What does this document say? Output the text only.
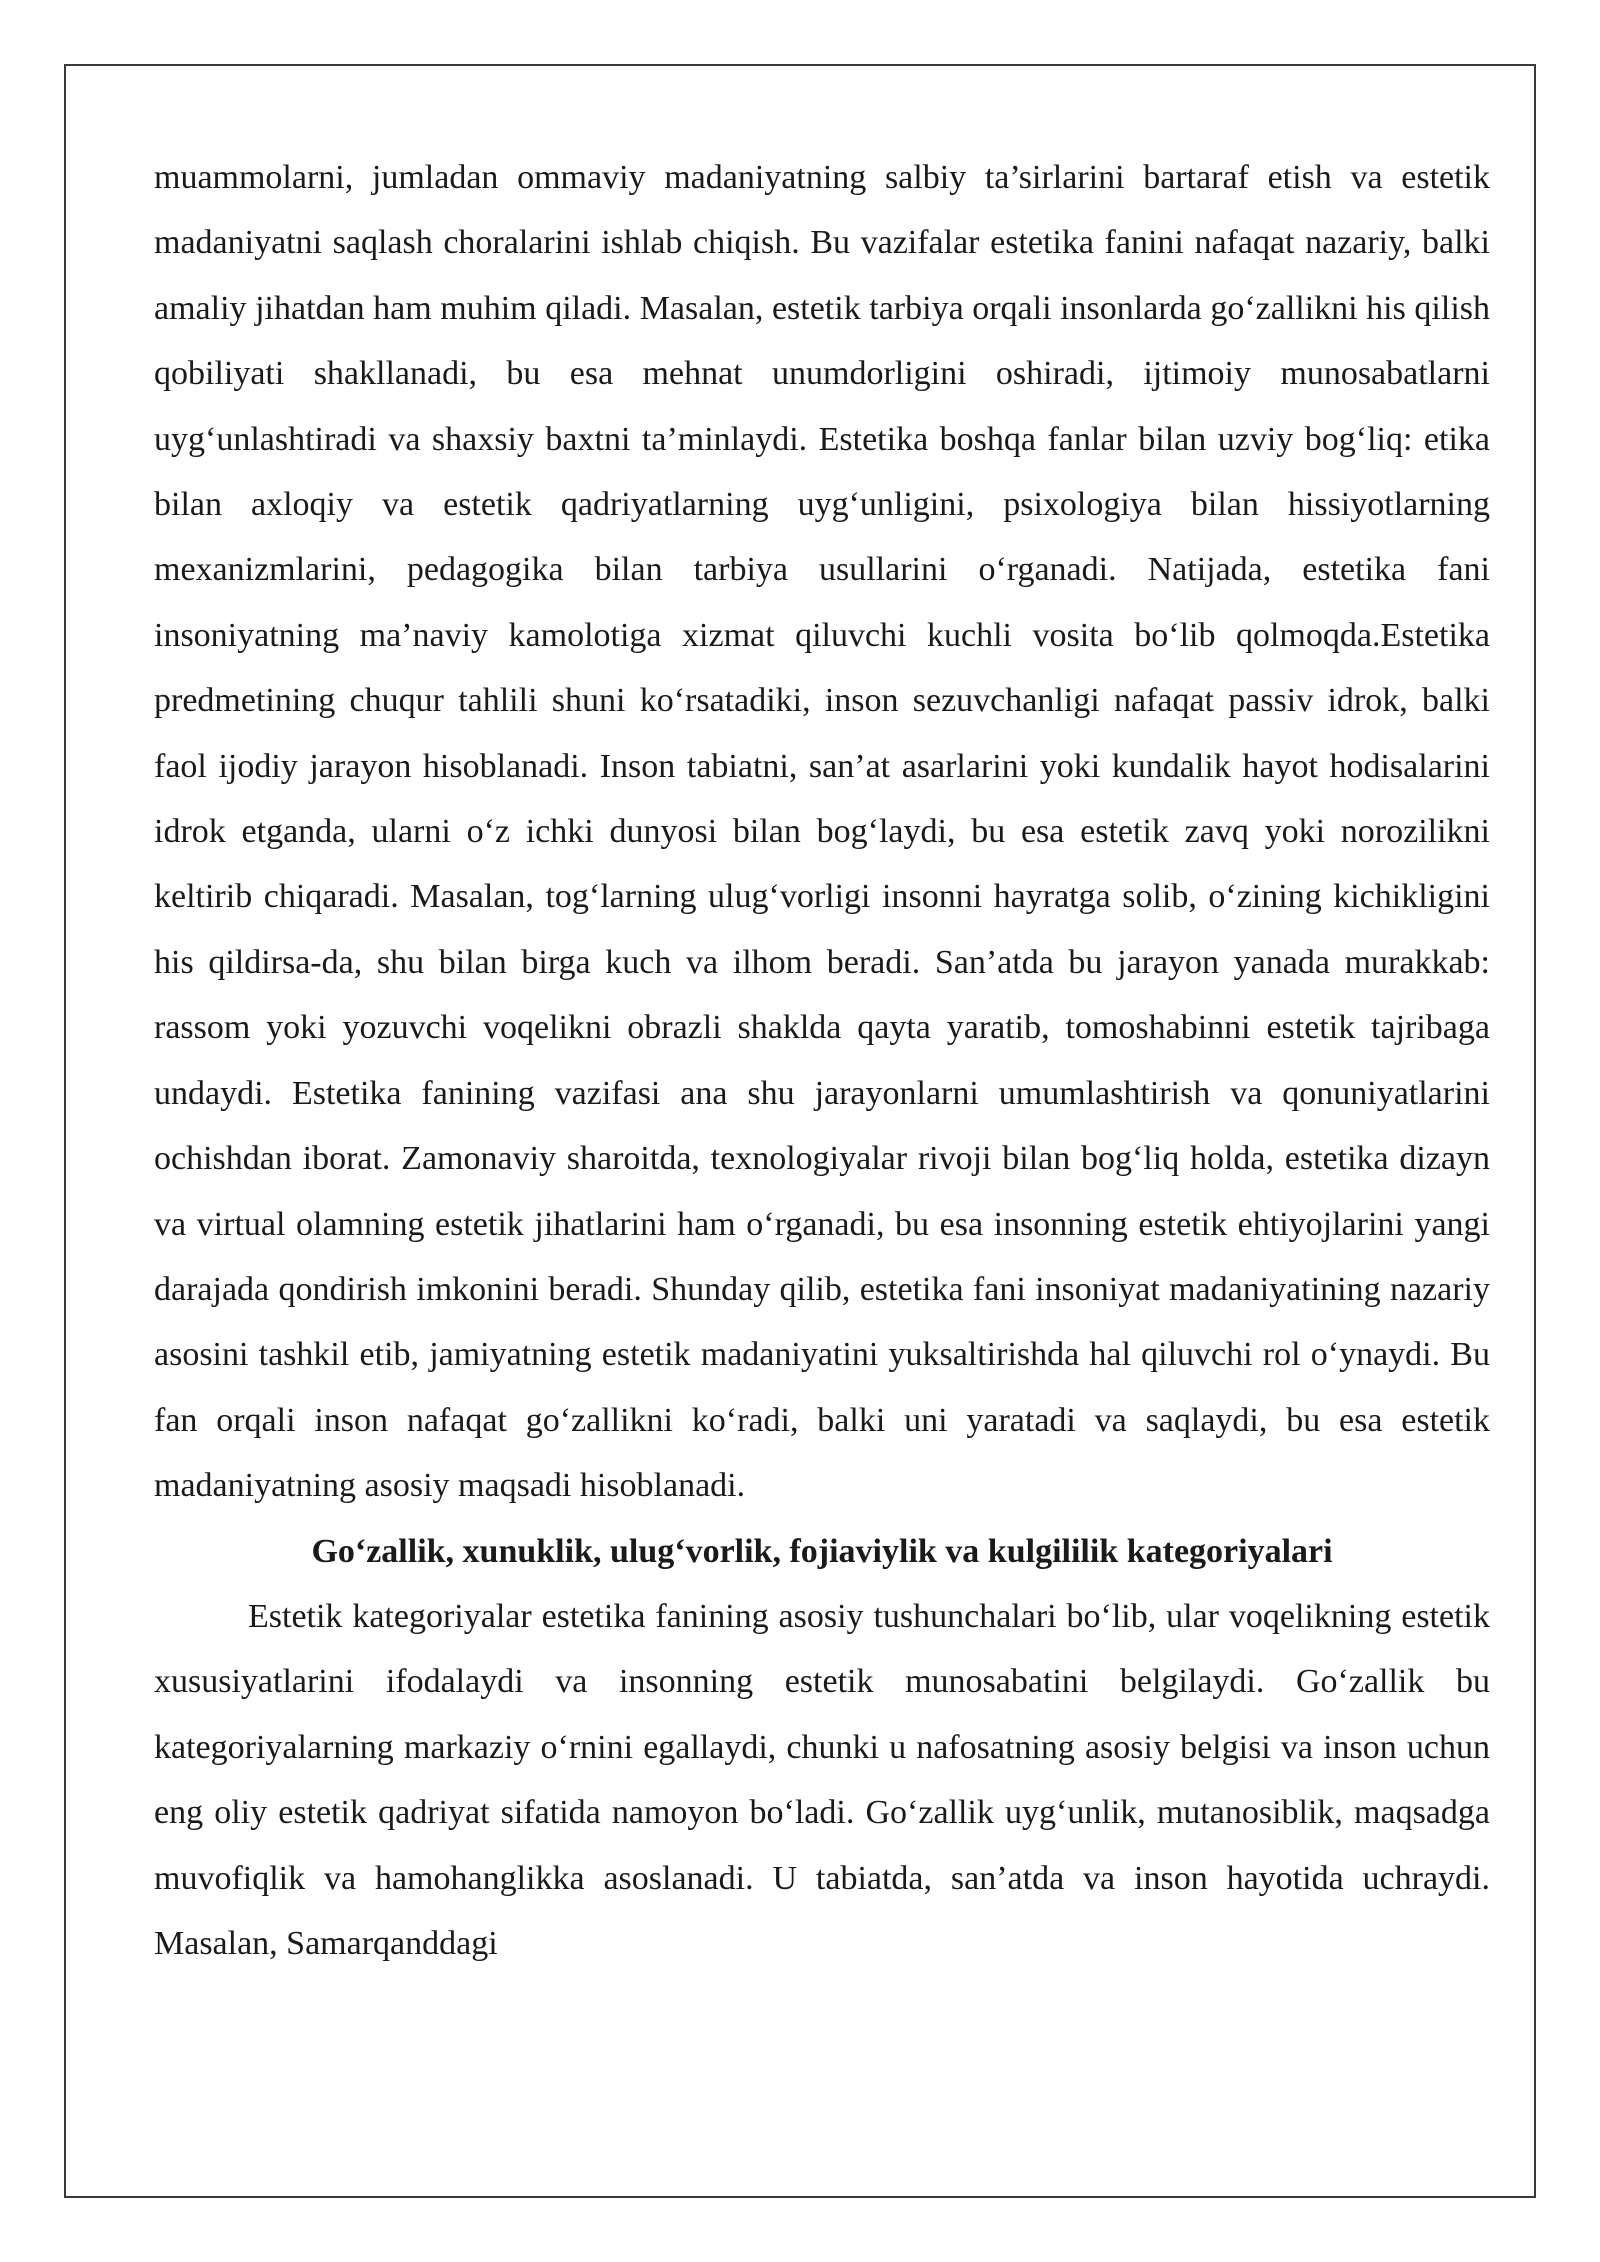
muammolarni, jumladan ommaviy madaniyatning salbiy ta’sirlarini bartaraf etish va estetik madaniyatni saqlash choralarini ishlab chiqish. Bu vazifalar estetika fanini nafaqat nazariy, balki amaliy jihatdan ham muhim qiladi. Masalan, estetik tarbiya orqali insonlarda go‘zallikni his qilish qobiliyati shakllanadi, bu esa mehnat unumdorligini oshiradi, ijtimoiy munosabatlarni uyg‘unlashtiradi va shaxsiy baxtni ta’minlaydi. Estetika boshqa fanlar bilan uzviy bog‘liq: etika bilan axloqiy va estetik qadriyatlarning uyg‘unligini, psixologiya bilan hissiyotlarning mexanizmlarini, pedagogika bilan tarbiya usullarini o‘rganadi. Natijada, estetika fani insoniyatning ma’naviy kamolotiga xizmat qiluvchi kuchli vosita bo‘lib qolmoqda.Estetika predmetining chuqur tahlili shuni ko‘rsatadiki, inson sezuvchanligi nafaqat passiv idrok, balki faol ijodiy jarayon hisoblanadi. Inson tabiatni, san’at asarlarini yoki kundalik hayot hodisalarini idrok etganda, ularni o‘z ichki dunyosi bilan bog‘laydi, bu esa estetik zavq yoki norozilikni keltirib chiqaradi. Masalan, tog‘larning ulug‘vorligi insonni hayratga solib, o‘zining kichikligini his qildirsa-da, shu bilan birga kuch va ilhom beradi. San’atda bu jarayon yanada murakkab: rassom yoki yozuvchi voqelikni obrazli shaklda qayta yaratib, tomoshabinni estetik tajribaga undaydi. Estetika fanining vazifasi ana shu jarayonlarni umumlashtirish va qonuniyatlarini ochishdan iborat. Zamonaviy sharoitda, texnologiyalar rivoji bilan bog‘liq holda, estetika dizayn va virtual olamning estetik jihatlarini ham o‘rganadi, bu esa insonning estetik ehtiyojlarini yangi darajada qondirish imkonini beradi. Shunday qilib, estetika fani insoniyat madaniyatining nazariy asosini tashkil etib, jamiyatning estetik madaniyatini yuksaltirishda hal qiluvchi rol o‘ynaydi. Bu fan orqali inson nafaqat go‘zallikni ko‘radi, balki uni yaratadi va saqlaydi, bu esa estetik madaniyatning asosiy maqsadi hisoblanadi.

Go‘zallik, xunuklik, ulug‘vorlik, fojiaviylik va kulgililik kategoriyalari

Estetik kategoriyalar estetika fanining asosiy tushunchalari bo‘lib, ular voqelikning estetik xususiyatlarini ifodalaydi va insonning estetik munosabatini belgilaydi. Go‘zallik bu kategoriyalarning markaziy o‘rnini egallaydi, chunki u nafosatning asosiy belgisi va inson uchun eng oliy estetik qadriyat sifatida namoyon bo‘ladi. Go‘zallik uyg‘unlik, mutanosiblik, maqsadga muvofiqlik va hamohanglikka asoslanadi. U tabiatda, san’atda va inson hayotida uchraydi. Masalan, Samarqanddagi
